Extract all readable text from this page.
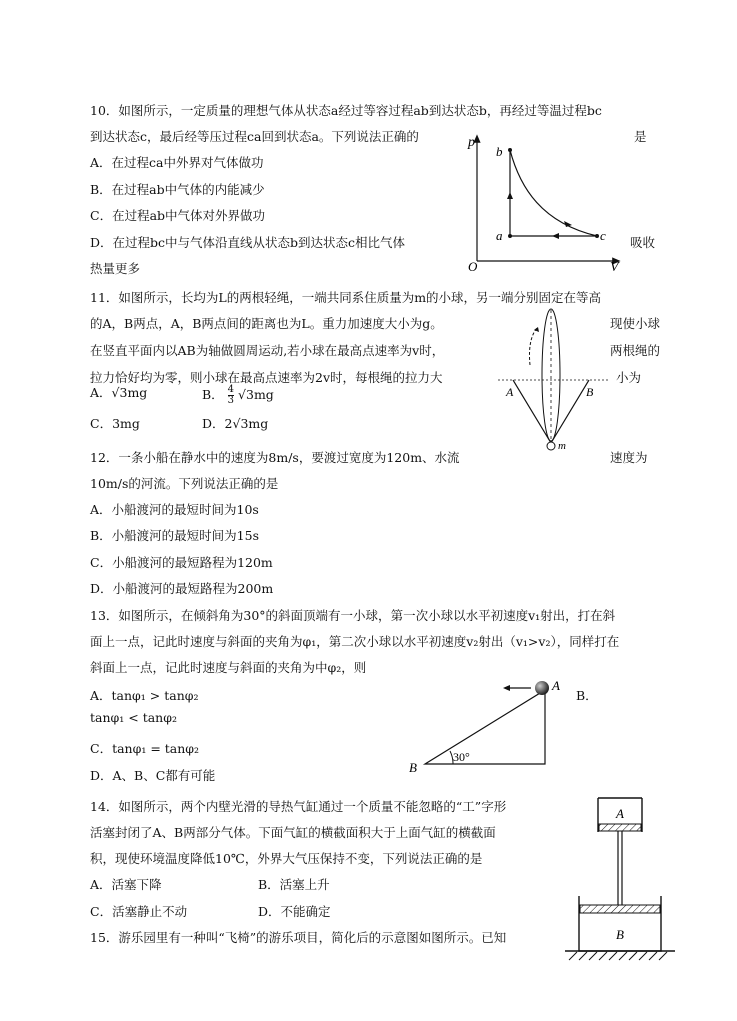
10．如图所示，一定质量的理想气体从状态a经过等容过程ab到达状态b，再经过等温过程bc
到达状态c，最后经等压过程ca回到状态a。下列说法正确的	是
A．在过程ca中外界对气体做功
B．在过程ab中气体的内能减少
C．在过程ab中气体对外界做功
D．在过程bc中与气体沿直线从状态b到达状态c相比气体	吸收
热量更多
p
V
O
b
a	c
11．如图所示，长均为L的两根轻绳，一端共同系住质量为m的小球，另一端分别固定在等高
的A，B两点，A，B两点间的距离也为L。重力加速度大小为g。	现使小球
在竖直平面内以AB为轴做圆周运动,若小球在最高点速率为v时，	两根绳的
拉力恰好均为零，则小球在最高点速率为2v时，每根绳的拉力大	小为
A．√3mg	B． $\frac{4}{3} √3mg$
C．3mg	D．2√3mg
A	B
m
12．一条小船在静水中的速度为8m/s，要渡过宽度为120m、水流	速度为
10m/s的河流。下列说法正确的是
A．小船渡河的最短时间为10s
B．小船渡河的最短时间为15s
C．小船渡河的最短路程为120m
D．小船渡河的最短路程为200m
13．如图所示，在倾斜角为30°的斜面顶端有一小球，第一次小球以水平初速度v₁射出，打在斜
面上一点，记此时速度与斜面的夹角为φ₁，第二次小球以水平初速度v₂射出（v₁>v₂），同样打在
斜面上一点，记此时速度与斜面的夹角为中φ₂，则
A．tanφ₁ > tanφ₂	B．
tanφ₁ < tanφ₂
C．tanφ₁ = tanφ₂
D．A、B、C都有可能
30°
A
B
14．如图所示，两个内壁光滑的导热气缸通过一个质量不能忽略的“工”字形
活塞封闭了A、B两部分气体。下面气缸的横截面积大于上面气缸的横截面
积，现使环境温度降低10℃，外界大气压保持不变，下列说法正确的是
A．活塞下降	B．活塞上升
C．活塞静止不动	D．不能确定
A
B
15．游乐园里有一种叫“飞椅”的游乐项目，简化后的示意图如图所示。已知
